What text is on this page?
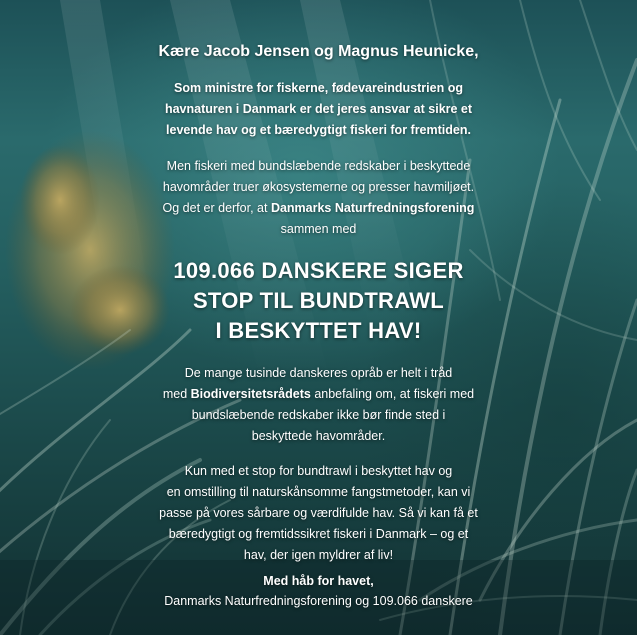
Kære Jacob Jensen og Magnus Heunicke,

Som ministre for fiskerne, fødevareindustrien og
havnaturen i Danmark er det jeres ansvar at sikre et
levende hav og et bæredygtigt fiskeri for fremtiden.

Men fiskeri med bundslæbende redskaber i beskyttede
havområder truer økosystemerne og presser havmiljøet.
Og det er derfor, at Danmarks Naturfredningsforening
sammen med

109.066 DANSKERE SIGER
STOP TIL BUNDTRAWL
I BESKYTTET HAV!

De mange tusinde danskeres opråb er helt i tråd
med Biodiversitetsrådets anbefaling om, at fiskeri med
bundslæbende redskaber ikke bør finde sted i
beskyttede havområder.

Kun med et stop for bundtrawl i beskyttet hav og
en omstilling til naturskånsomme fangstmetoder, kan vi
passe på vores sårbare og værdifulde hav. Så vi kan få et
bæredygtigt og fremtidssikret fiskeri i Danmark – og et
hav, der igen myldrer af liv!

Med håb for havet,
Danmarks Naturfredningsforening og 109.066 danskere
